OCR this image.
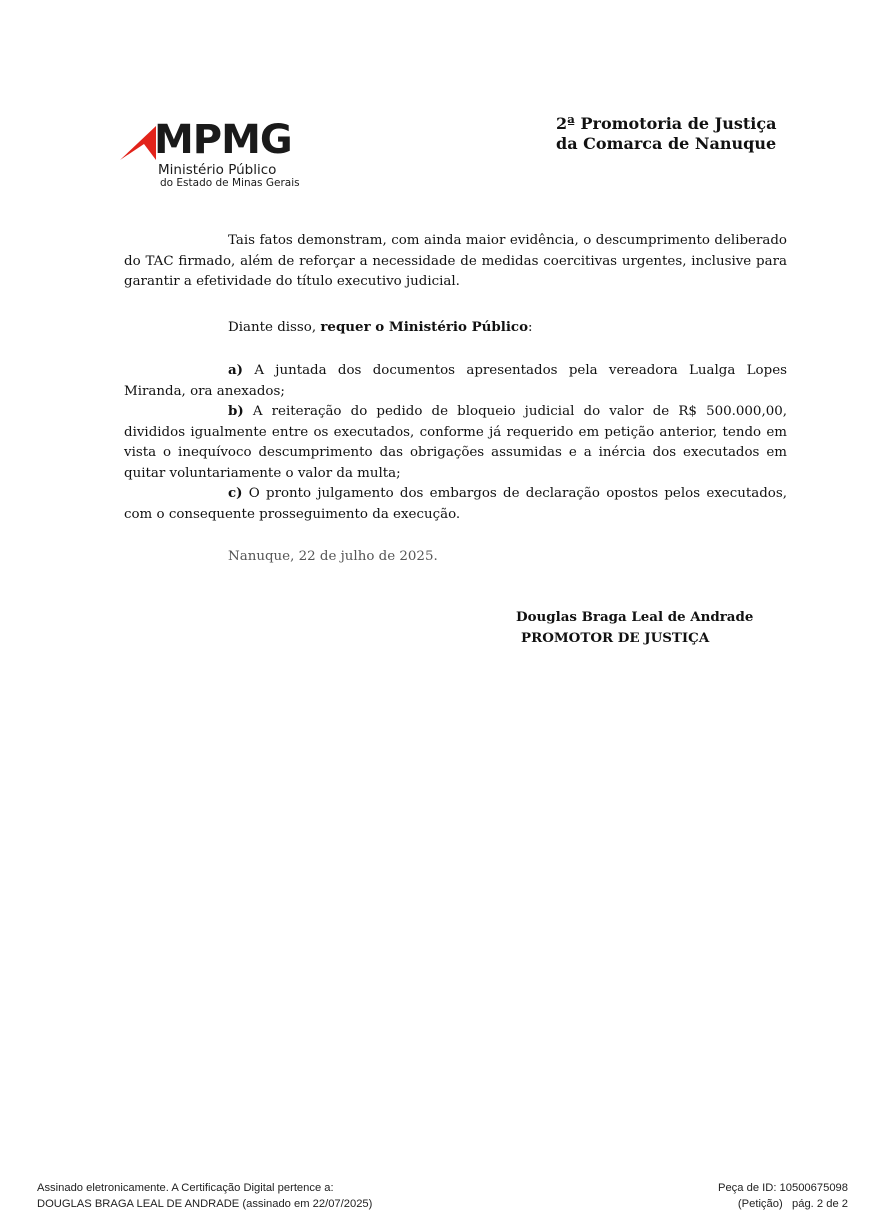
MPMG
Ministério Público
do Estado de Minas Gerais
2ª Promotoria de Justiça
da Comarca de Nanuque
Tais fatos demonstram, com ainda maior evidência, o descumprimento deliberado do TAC firmado, além de reforçar a necessidade de medidas coercitivas urgentes, inclusive para garantir a efetividade do título executivo judicial.
Diante disso, requer o Ministério Público:
a) A juntada dos documentos apresentados pela vereadora Lualga Lopes Miranda, ora anexados;
b) A reiteração do pedido de bloqueio judicial do valor de R$ 500.000,00, divididos igualmente entre os executados, conforme já requerido em petição anterior, tendo em vista o inequívoco descumprimento das obrigações assumidas e a inércia dos executados em quitar voluntariamente o valor da multa;
c) O pronto julgamento dos embargos de declaração opostos pelos executados, com o consequente prosseguimento da execução.
Nanuque, 22 de julho de 2025.
Douglas Braga Leal de Andrade
PROMOTOR DE JUSTIÇA
Assinado eletronicamente. A Certificação Digital pertence a:
DOUGLAS BRAGA LEAL DE ANDRADE (assinado em 22/07/2025)
Peça de ID: 10500675098
(Petição)   pág. 2 de 2
